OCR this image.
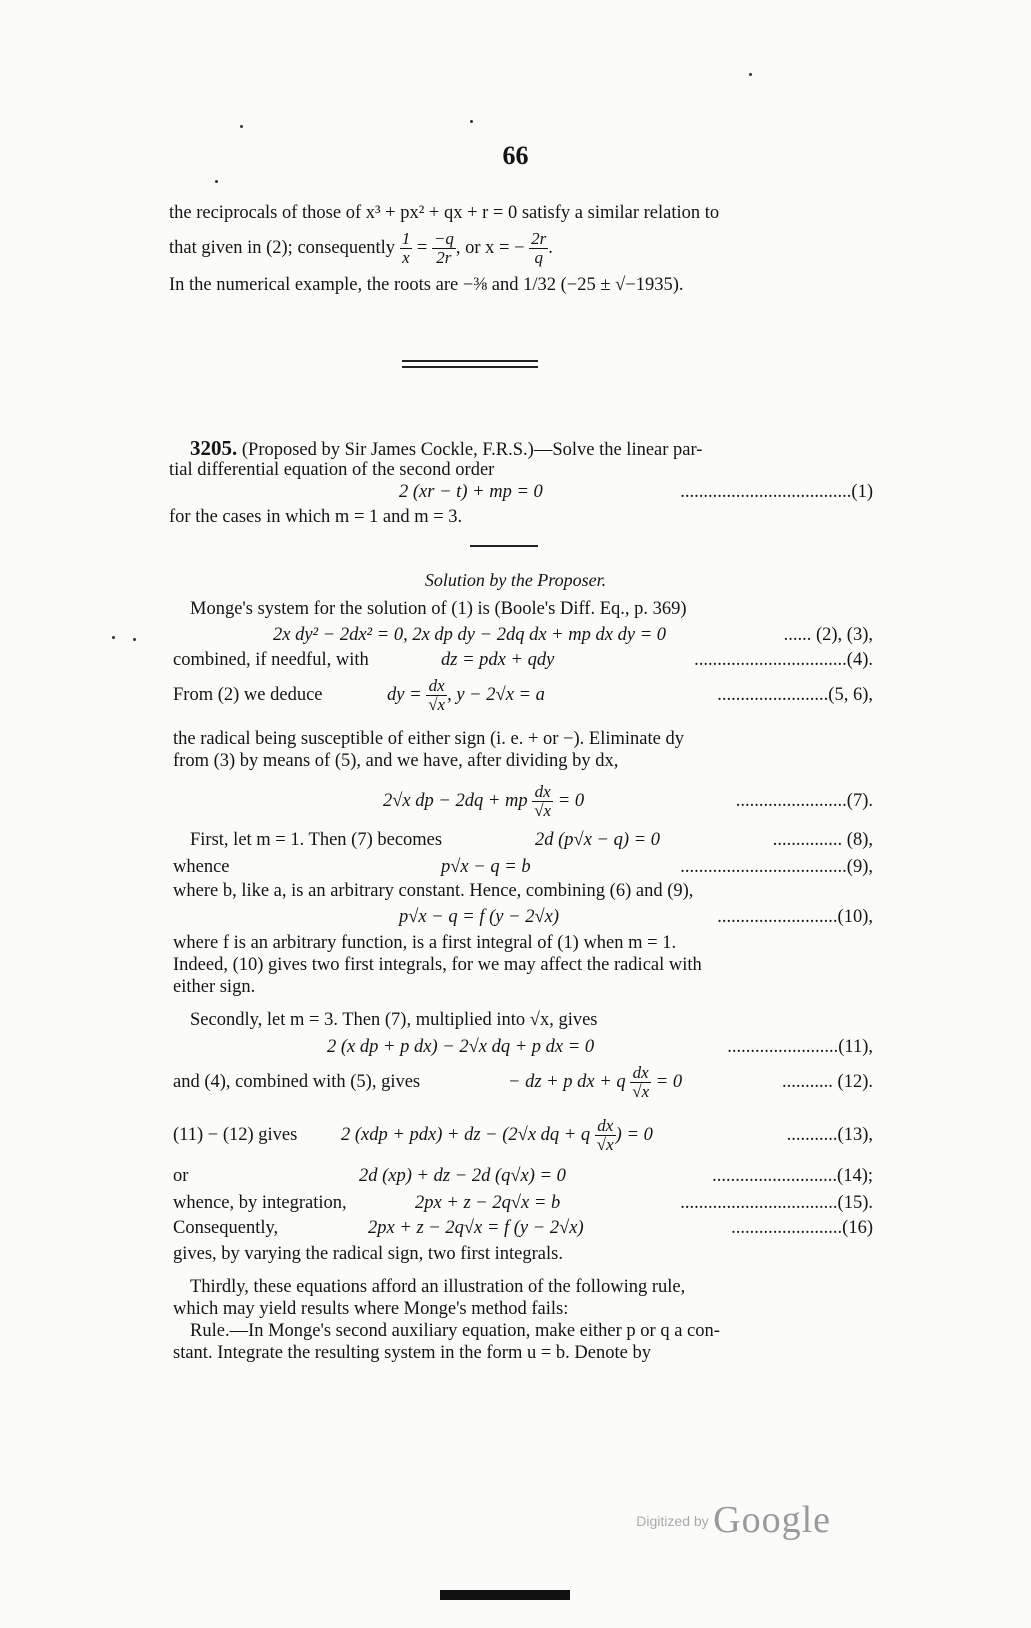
66
the reciprocals of those of x³ + px² + qx + r = 0 satisfy a similar relation to
that given in (2); consequently $\frac{1}{x} = \frac{-q}{2r}$ , or x = − $\frac{2r}{q}$ .
In the numerical example, the roots are −⅜ and 1/32 (−25 ± √−1935).
3205. (Proposed by Sir James Cockle, F.R.S.)—Solve the linear par-
tial differential equation of the second order
2 (xr − t) + mp = 0	.....................................(1)
for the cases in which m = 1 and m = 3.
Solution by the Proposer.
Monge's system for the solution of (1) is (Boole's Diff. Eq., p. 369)
2x dy² − 2dx² = 0, 2x dp dy − 2dq dx + mp dx dy = 0	...... (2), (3),
combined, if needful, with	dz = pdx + qdy	.................................(4).
From (2) we deduce	dy = $\frac{dx}{√x}$ , y − 2√x = a	........................(5, 6),
the radical being susceptible of either sign (i. e. + or −). Eliminate dy
from (3) by means of (5), and we have, after dividing by dx,
2√x dp − 2dq + mp $\frac{dx}{√x} = 0$	........................(7).
First, let m = 1. Then (7) becomes	2d (p√x − q) = 0	............... (8),
whence	p√x − q = b	....................................(9),
where b, like a, is an arbitrary constant. Hence, combining (6) and (9),
p√x − q = f (y − 2√x)	..........................(10),
where f is an arbitrary function, is a first integral of (1) when m = 1.
Indeed, (10) gives two first integrals, for we may affect the radical with
either sign.
Secondly, let m = 3. Then (7), multiplied into √x, gives
2 (x dp + p dx) − 2√x dq + p dx = 0	........................(11),
and (4), combined with (5), gives	− dz + p dx + q $\frac{dx}{√x} = 0$	........... (12).
(11) − (12) gives 2 (xdp + pdx) + dz − (2√x dq + q $\frac{dx}{√x}$ ) = 0	...........(13),
or	2d (xp) + dz − 2d (q√x) = 0	...........................(14);
whence, by integration,	2px + z − 2q√x = b	..................................(15).
Consequently,	2px + z − 2q√x = f (y − 2√x)	........................(16)
gives, by varying the radical sign, two first integrals.
Thirdly, these equations afford an illustration of the following rule,
which may yield results where Monge's method fails:
Rule.—In Monge's second auxiliary equation, make either p or q a con-
stant. Integrate the resulting system in the form u = b. Denote by
Digitized by Google
